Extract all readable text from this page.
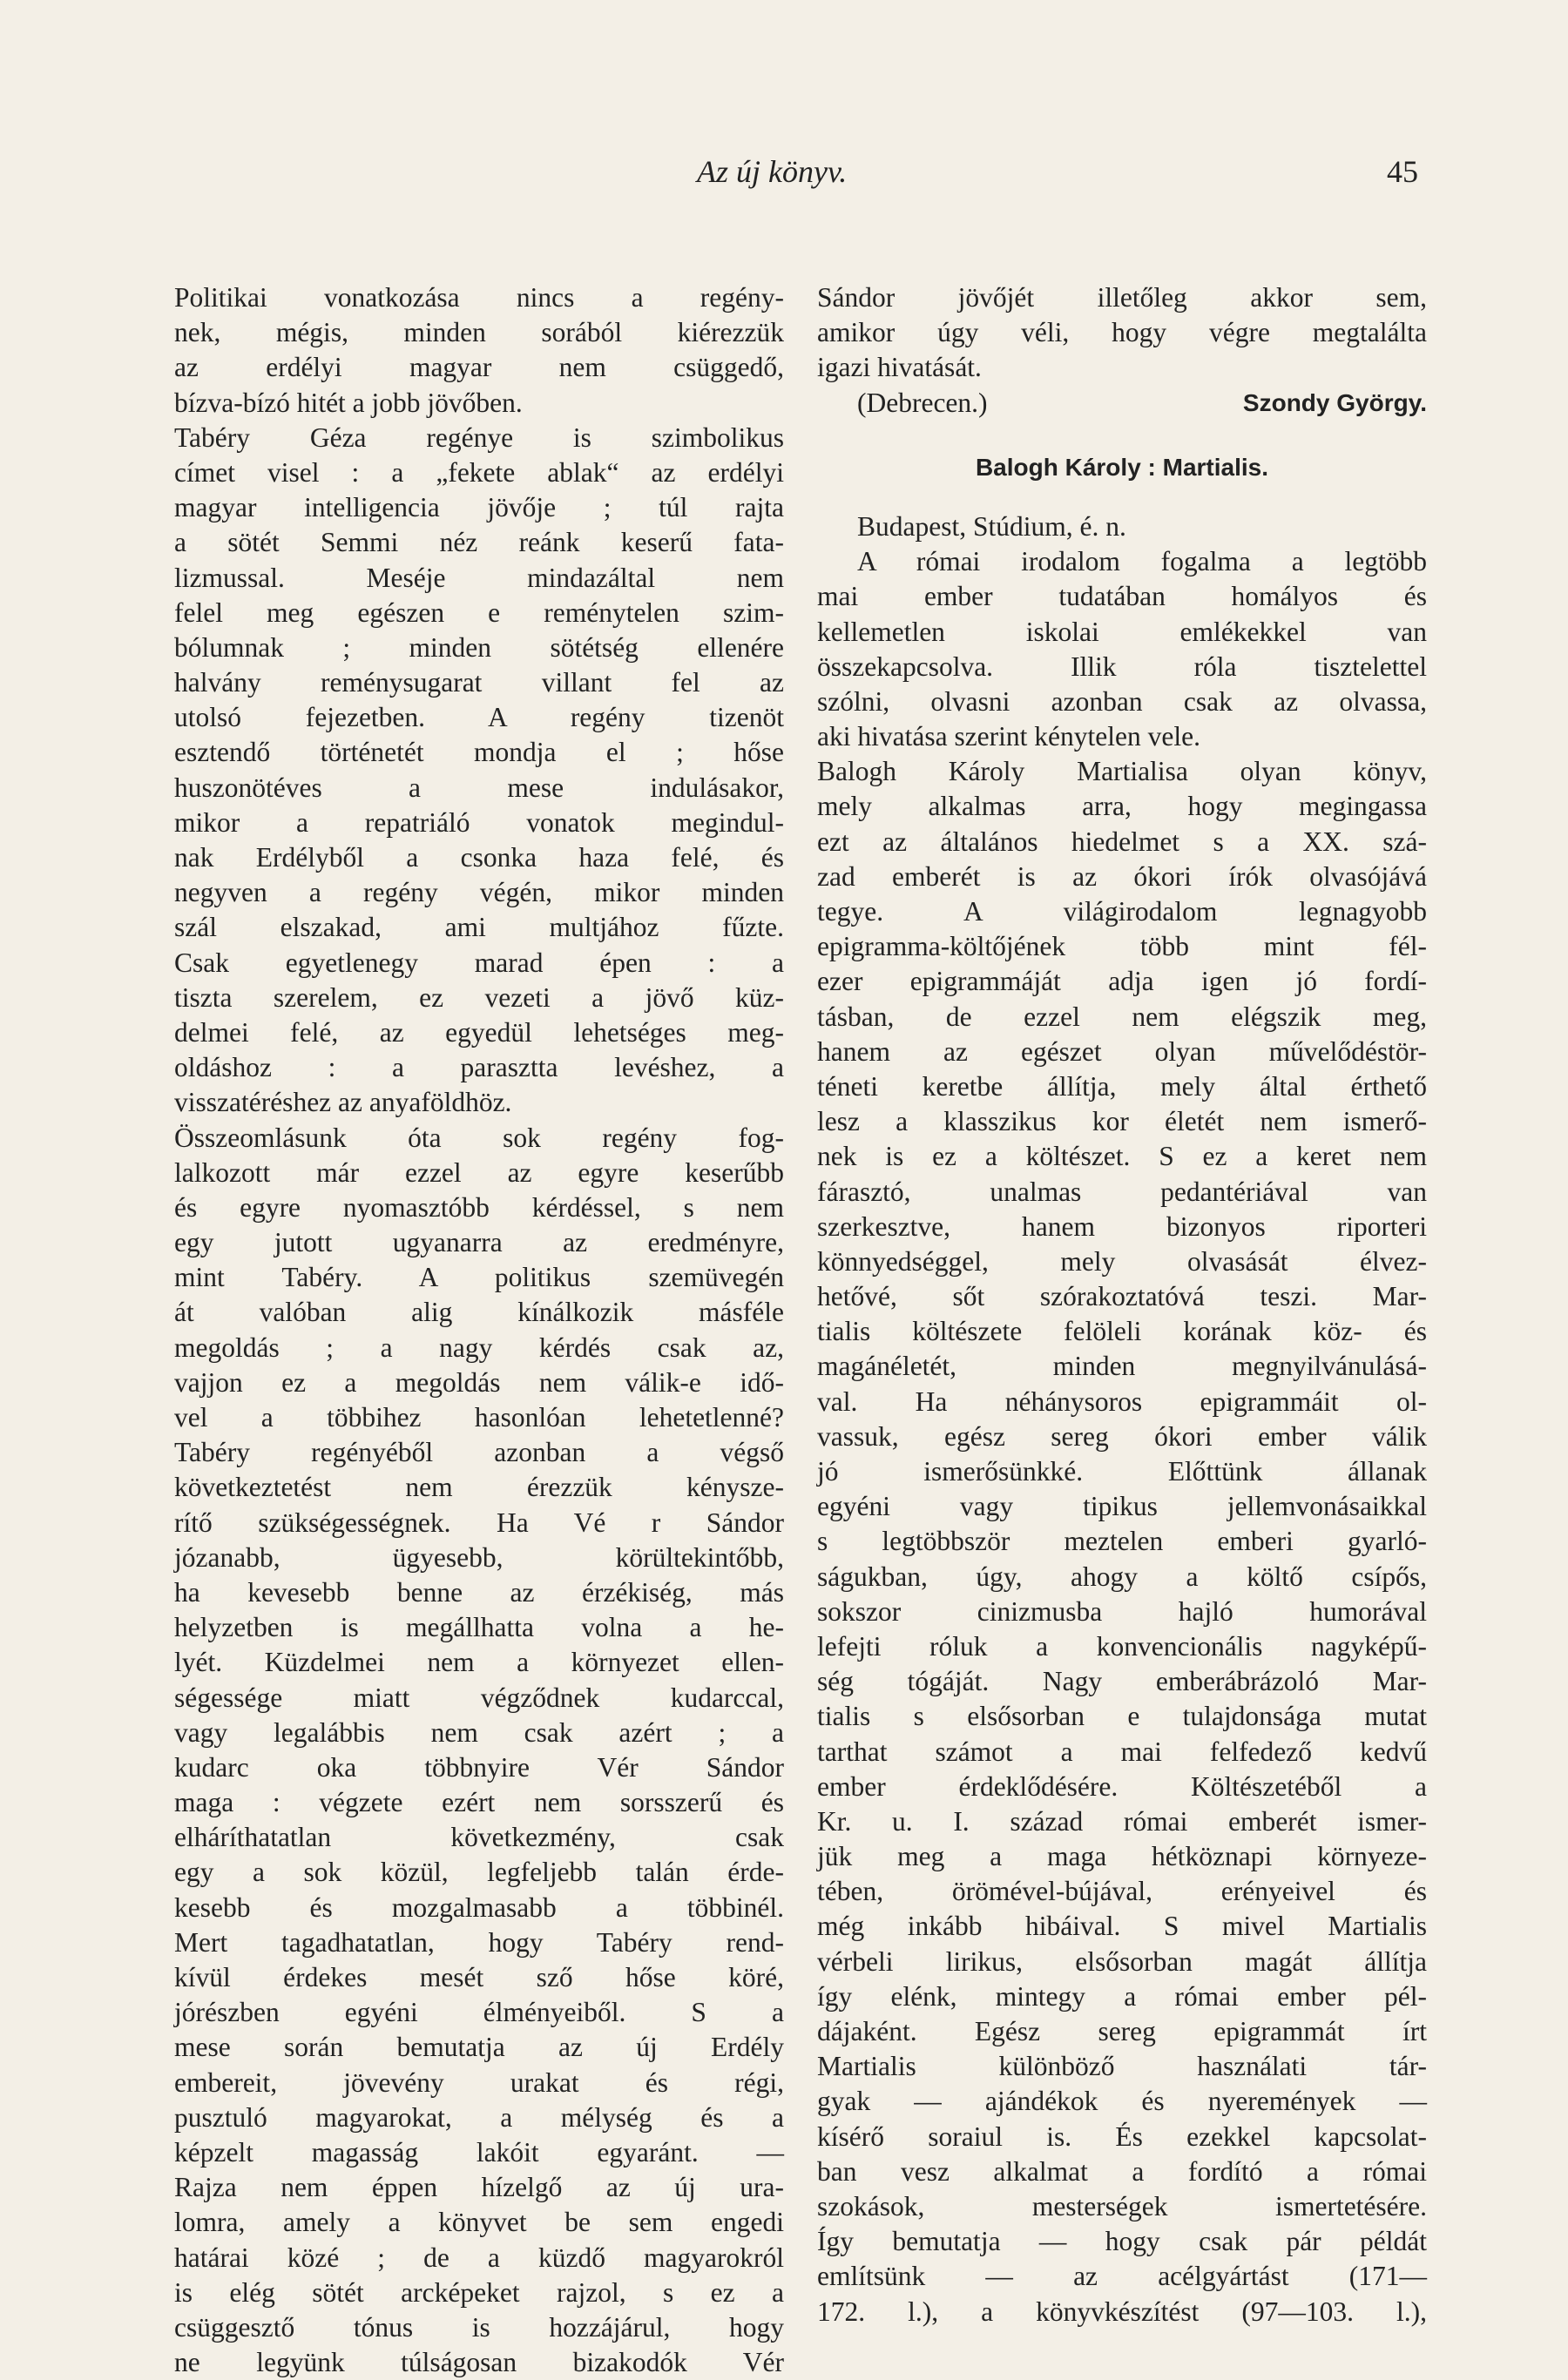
Az új könyv.	45
Politikai vonatkozása nincs a regény-
nek, mégis, minden sorából kiérezzük
az erdélyi magyar nem csüggedő,
bízva-bízó hitét a jobb jövőben.
Tabéry Géza regénye is szimbolikus
címet visel : a „fekete ablak“ az erdélyi
magyar intelligencia jövője ; túl rajta
a sötét Semmi néz reánk keserű fata-
lizmussal. Meséje mindazáltal nem
felel meg egészen e reménytelen szim-
bólumnak ; minden sötétség ellenére
halvány reménysugarat villant fel az
utolsó fejezetben. A regény tizenöt
esztendő történetét mondja el ; hőse
huszonötéves a mese indulásakor,
mikor a repatriáló vonatok megindul-
nak Erdélyből a csonka haza felé, és
negyven a regény végén, mikor minden
szál elszakad, ami multjához fűzte.
Csak egyetlenegy marad épen : a
tiszta szerelem, ez vezeti a jövő küz-
delmei felé, az egyedül lehetséges meg-
oldáshoz : a parasztta levéshez, a
visszatéréshez az anyaföldhöz.
Összeomlásunk óta sok regény fog-
lalkozott már ezzel az egyre keserűbb
és egyre nyomasztóbb kérdéssel, s nem
egy jutott ugyanarra az eredményre,
mint Tabéry. A politikus szemüvegén
át valóban alig kínálkozik másféle
megoldás ; a nagy kérdés csak az,
vajjon ez a megoldás nem válik-e idő-
vel a többihez hasonlóan lehetetlenné?
Tabéry regényéből azonban a végső
következtetést nem érezzük kénysze-
rítő szükségességnek. Ha Vé r Sándor
józanabb, ügyesebb, körültekintőbb,
ha kevesebb benne az érzékiség, más
helyzetben is megállhatta volna a he-
lyét. Küzdelmei nem a környezet ellen-
ségessége miatt végződnek kudarccal,
vagy legalábbis nem csak azért ; a
kudarc oka többnyire Vér Sándor
maga : végzete ezért nem sorsszerű és
elháríthatatlan következmény, csak
egy a sok közül, legfeljebb talán érde-
kesebb és mozgalmasabb a többinél.
Mert tagadhatatlan, hogy Tabéry rend-
kívül érdekes mesét sző hőse köré,
jórészben egyéni élményeiből. S a
mese során bemutatja az új Erdély
embereit, jövevény urakat és régi,
pusztuló magyarokat, a mélység és a
képzelt magasság lakóit egyaránt. —
Rajza nem éppen hízelgő az új ura-
lomra, amely a könyvet be sem engedi
határai közé ; de a küzdő magyarokról
is elég sötét arcképeket rajzol, s ez a
csüggesztő tónus is hozzájárul, hogy
ne legyünk túlságosan bizakodók Vér
Sándor jövőjét illetőleg akkor sem,
amikor úgy véli, hogy végre megtalálta
igazi hivatását.
(Debrecen.)	Szondy György.
Balogh Károly : Martialis.
Budapest, Stúdium, é. n.
A római irodalom fogalma a legtöbb
mai ember tudatában homályos és
kellemetlen iskolai emlékekkel van
összekapcsolva. Illik róla tisztelettel
szólni, olvasni azonban csak az olvassa,
aki hivatása szerint kénytelen vele.
Balogh Károly Martialisa olyan könyv,
mely alkalmas arra, hogy megingassa
ezt az általános hiedelmet s a XX. szá-
zad emberét is az ókori írók olvasójává
tegye. A világirodalom legnagyobb
epigramma-költőjének több mint fél-
ezer epigrammáját adja igen jó fordí-
tásban, de ezzel nem elégszik meg,
hanem az egészet olyan művelődéstör-
téneti keretbe állítja, mely által érthető
lesz a klasszikus kor életét nem ismerő-
nek is ez a költészet. S ez a keret nem
fárasztó, unalmas pedantériával van
szerkesztve, hanem bizonyos riporteri
könnyedséggel, mely olvasását élvez-
hetővé, sőt szórakoztatóvá teszi. Mar-
tialis költészete felöleli korának köz- és
magánéletét, minden megnyilvánulásá-
val. Ha néhánysoros epigrammáit ol-
vassuk, egész sereg ókori ember válik
jó ismerősünkké. Előttünk állanak
egyéni vagy tipikus jellemvonásaikkal
s legtöbbször meztelen emberi gyarló-
ságukban, úgy, ahogy a költő csípős,
sokszor cinizmusba hajló humorával
lefejti róluk a konvencionális nagyképű-
ség tógáját. Nagy emberábrázoló Mar-
tialis s elsősorban e tulajdonsága mutat
tarthat számot a mai felfedező kedvű
ember érdeklődésére. Költészetéből a
Kr. u. I. század római emberét ismer-
jük meg a maga hétköznapi környeze-
tében, örömével-bújával, erényeivel és
még inkább hibáival. S mivel Martialis
vérbeli lirikus, elsősorban magát állítja
így elénk, mintegy a római ember pél-
dájaként. Egész sereg epigrammát írt
Martialis különböző használati tár-
gyak — ajándékok és nyeremények —
kísérő soraiul is. És ezekkel kapcsolat-
ban vesz alkalmat a fordító a római
szokások, mesterségek ismertetésére.
Így bemutatja — hogy csak pár példát
említsünk — az acélgyártást (171—
172. l.), a könyvkészítést (97—103. l.),
